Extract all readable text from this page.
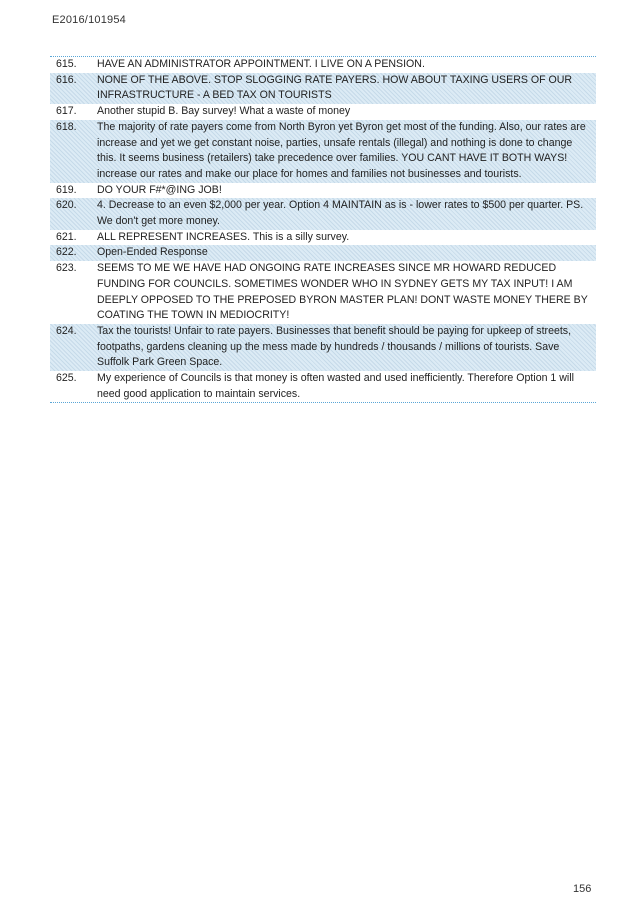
E2016/101954
615.	HAVE AN ADMINISTRATOR APPOINTMENT. I LIVE ON A PENSION.
616.	NONE OF THE ABOVE. STOP SLOGGING RATE PAYERS. HOW ABOUT TAXING USERS OF OUR INFRASTRUCTURE - A BED TAX ON TOURISTS
617.	Another stupid B. Bay survey! What a waste of money
618.	The majority of rate payers come from North Byron yet Byron get most of the funding. Also, our rates are increase and yet we get constant noise, parties, unsafe rentals (illegal) and nothing is done to change this. It seems business (retailers) take precedence over families. YOU CANT HAVE IT BOTH WAYS! increase our rates and make our place for homes and families not businesses and tourists.
619.	DO YOUR F#*@ING JOB!
620.	4. Decrease to an even $2,000 per year. Option 4 MAINTAIN as is - lower rates to $500 per quarter. PS. We don't get more money.
621.	ALL REPRESENT INCREASES. This is a silly survey.
622.	Open-Ended Response
623.	SEEMS TO ME WE HAVE HAD ONGOING RATE INCREASES SINCE MR HOWARD REDUCED FUNDING FOR COUNCILS. SOMETIMES WONDER WHO IN SYDNEY GETS MY TAX INPUT! I AM DEEPLY OPPOSED TO THE PREPOSED BYRON MASTER PLAN! DONT WASTE MONEY THERE BY COATING THE TOWN IN MEDIOCRITY!
624.	Tax the tourists! Unfair to rate payers. Businesses that benefit should be paying for upkeep of streets, footpaths, gardens cleaning up the mess made by hundreds / thousands / millions of tourists. Save Suffolk Park Green Space.
625.	My experience of Councils is that money is often wasted and used inefficiently. Therefore Option 1 will need good application to maintain services.
156
